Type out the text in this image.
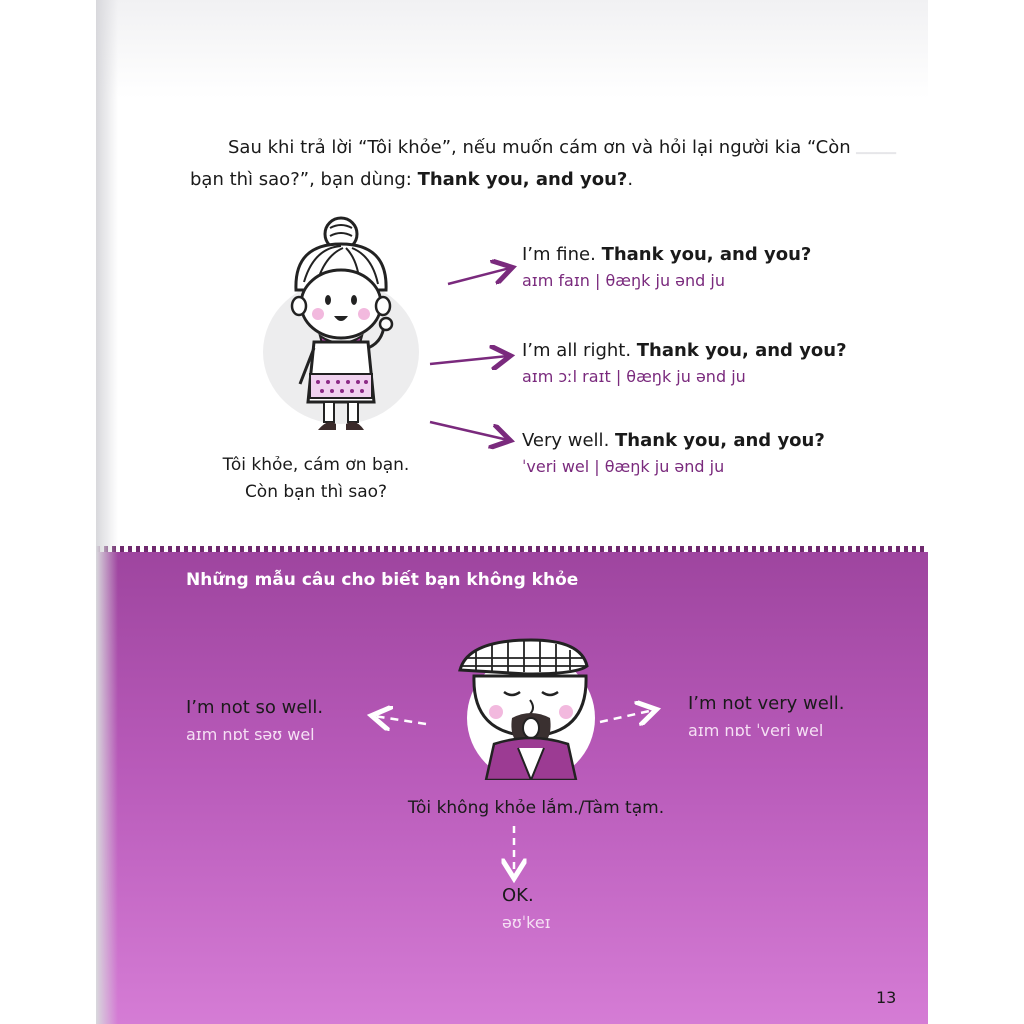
▁▁▁▁

Sau khi trả lời “Tôi khỏe”, nếu muốn cám ơn và hỏi lại người kia “Còn bạn thì sao?”, bạn dùng: Thank you, and you?.

Tôi khỏe, cám ơn bạn.
Còn bạn thì sao?
I’m fine. Thank you, and you?
aɪm faɪn | θæŋk ju ənd ju
I’m all right. Thank you, and you?
aɪm ɔːl raɪt | θæŋk ju ənd ju
Very well. Thank you, and you?
ˈveri wel | θæŋk ju ənd ju
Những mẫu câu cho biết bạn không khỏe
I’m not so well.
aɪm nɒt səʊ wel
I’m not very well.
aɪm nɒt ˈveri wel
Tôi không khỏe lắm./Tàm tạm.
OK.
əʊˈkeɪ
13
